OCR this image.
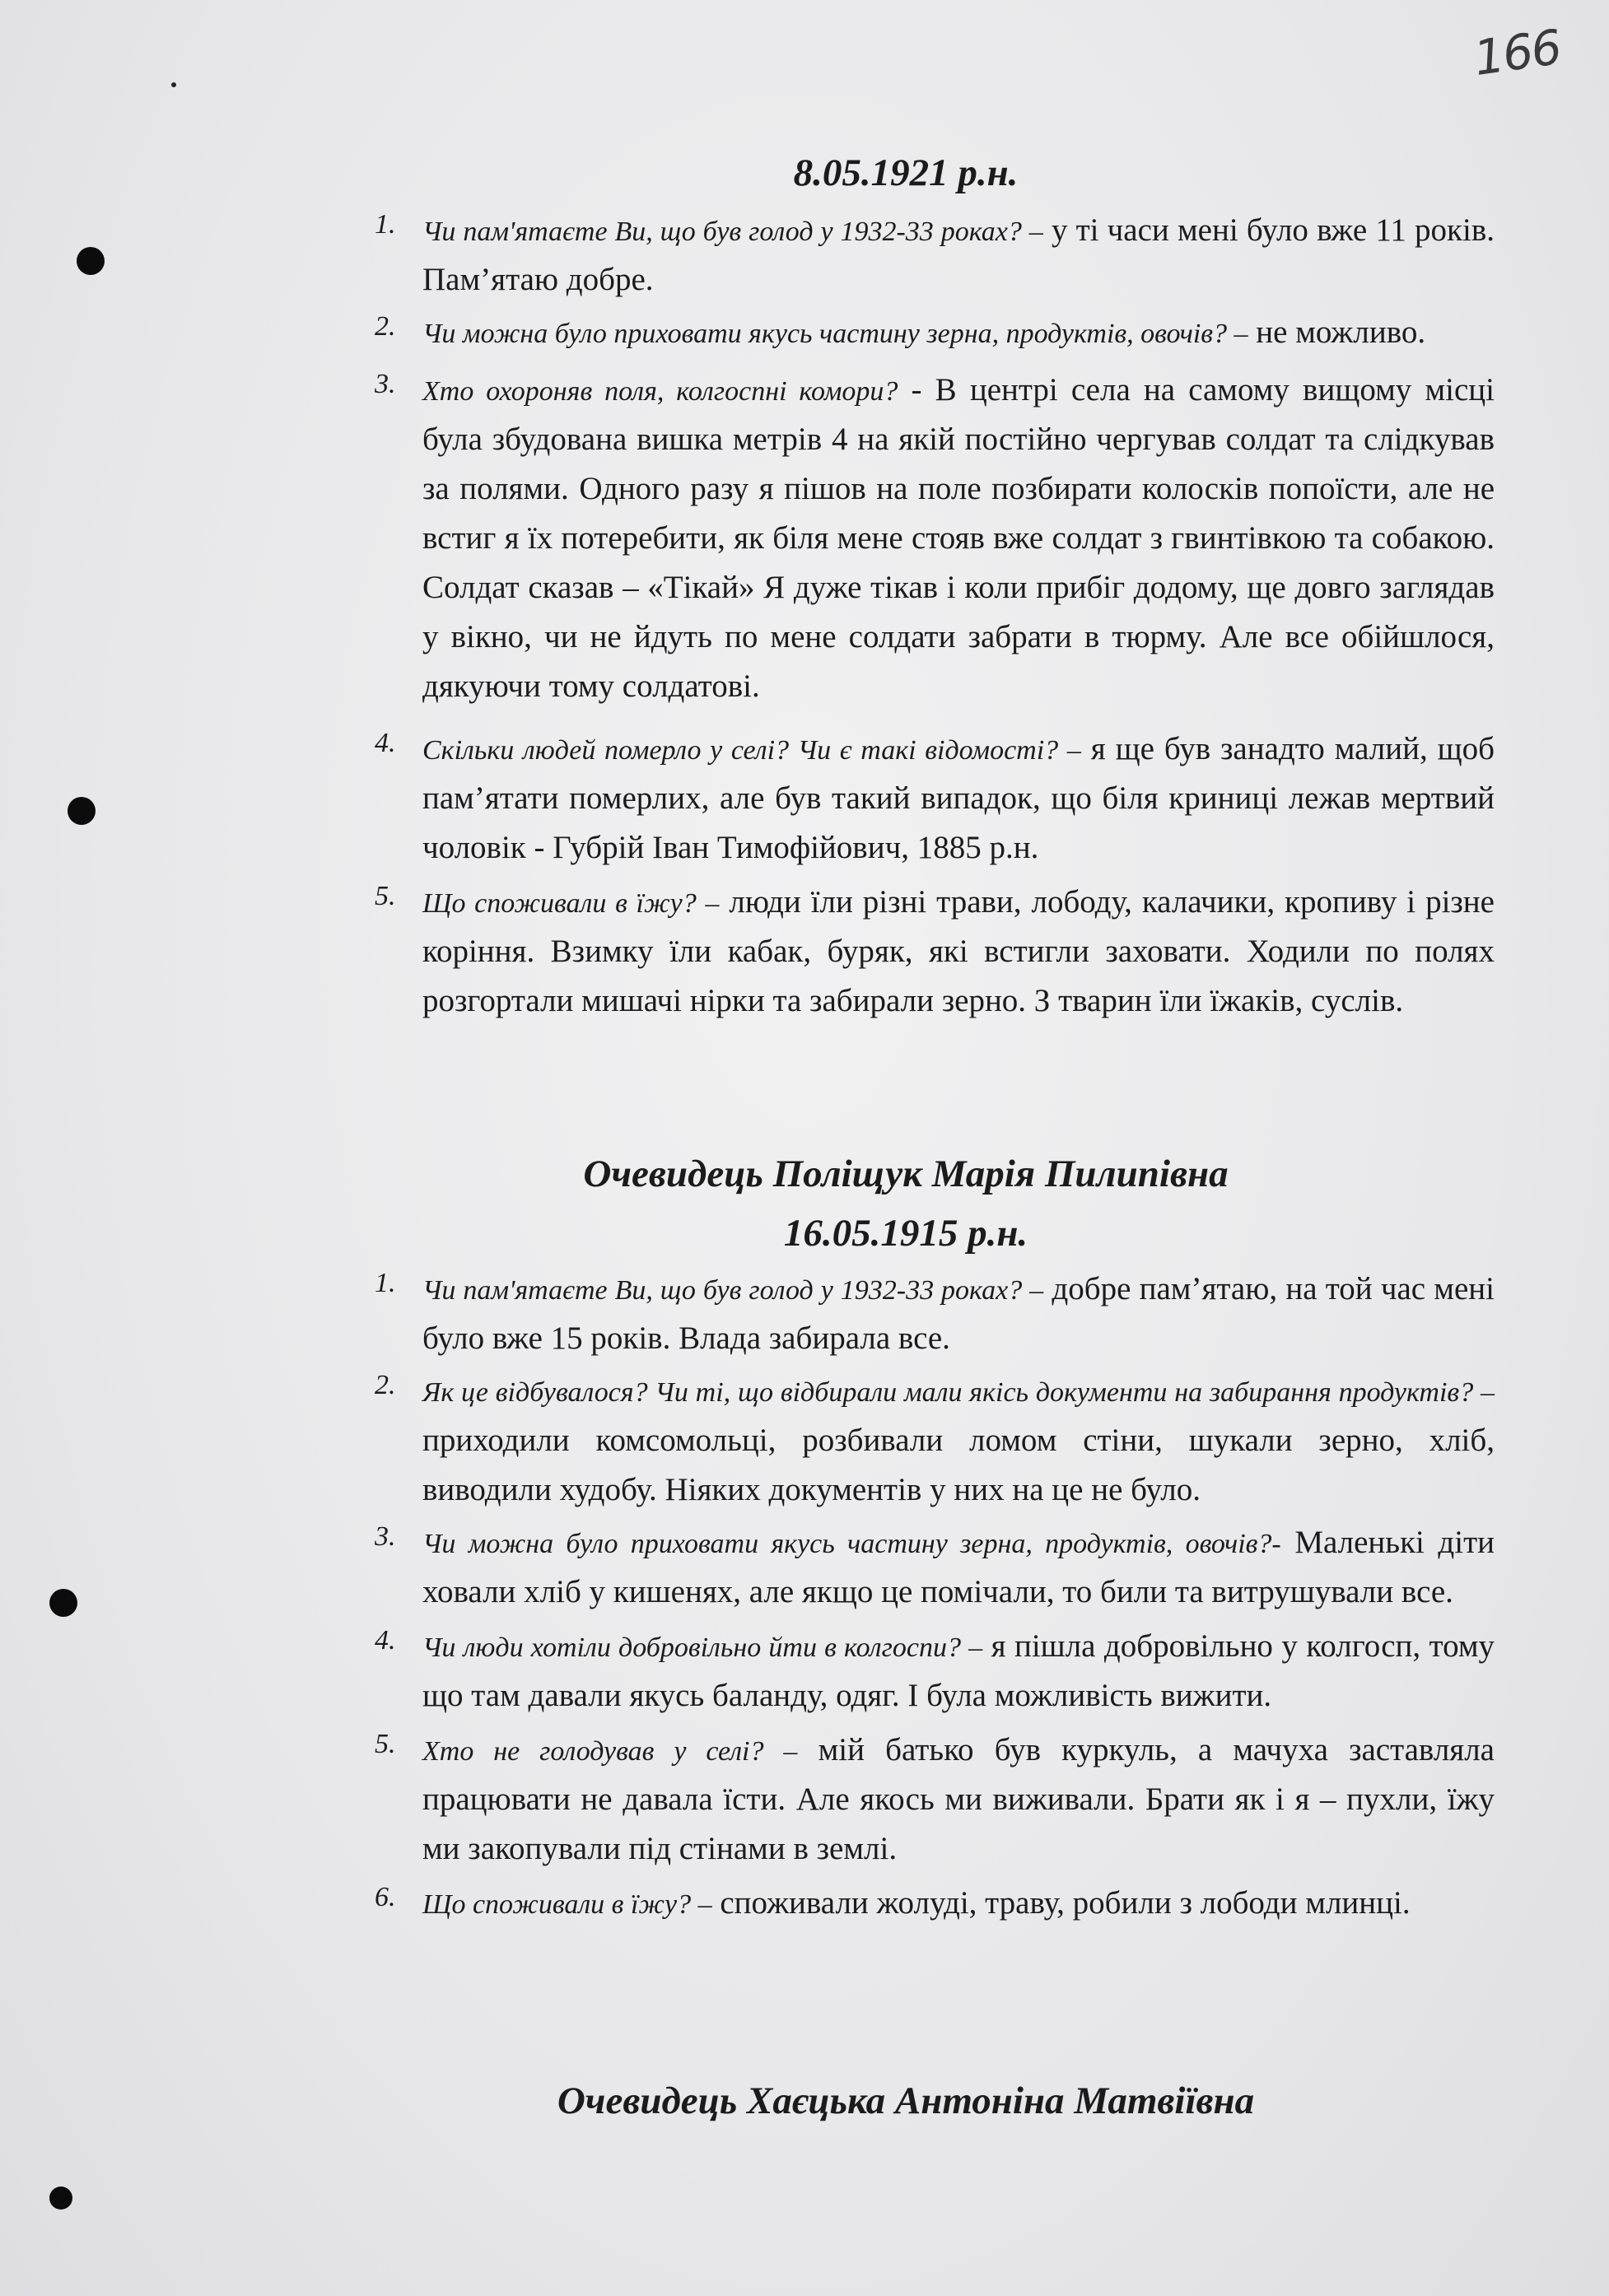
166
8.05.1921 р.н.
1. Чи пам'ятаєте Ви, що був голод у 1932-33 роках? – у ті часи мені було вже 11 років. Пам’ятаю добре.

2. Чи можна було приховати якусь частину зерна, продуктів, овочів? – не можливо.

3. Хто охороняв поля, колгоспні комори? - В центрі села на самому вищому місці була збудована вишка метрів 4 на якій постійно чергував солдат та слідкував за полями. Одного разу я пішов на поле позбирати колосків попоїсти, але не встиг я їх потеребити, як біля мене стояв вже солдат з гвинтівкою та собакою. Солдат сказав – «Тікай» Я дуже тікав і коли прибіг додому, ще довго заглядав у вікно, чи не йдуть по мене солдати забрати в тюрму. Але все обійшлося, дякуючи тому солдатові.

4. Скільки людей померло у селі? Чи є такі відомості? – я ще був занадто малий, щоб пам’ятати померлих, але був такий випадок, що біля криниці лежав мертвий чоловік - Губрій Іван Тимофійович, 1885 р.н.

5. Що споживали в їжу? – люди їли різні трави, лободу, калачики, кропиву і різне коріння. Взимку їли кабак, буряк, які встигли заховати. Ходили по полях розгортали мишачі нірки та забирали зерно. З тварин їли їжаків, суслів.

Очевидець Поліщук Марія Пилипівна
16.05.1915 р.н.
1. Чи пам'ятаєте Ви, що був голод у 1932-33 роках? – добре пам’ятаю, на той час мені було вже 15 років. Влада забирала все.

2. Як це відбувалося? Чи ті, що відбирали мали якісь документи на забирання продуктів? – приходили комсомольці, розбивали ломом стіни, шукали зерно, хліб, виводили худобу. Ніяких документів у них на це не було.

3. Чи можна було приховати якусь частину зерна, продуктів, овочів?- Маленькі діти ховали хліб у кишенях, але якщо це помічали, то били та витрушували все.

4. Чи люди хотіли добровільно йти в колгоспи? – я пішла добровільно у колгосп, тому що там давали якусь баланду, одяг. І була можливість вижити.

5. Хто не голодував у селі? – мій батько був куркуль, а мачуха заставляла працювати не давала їсти. Але якось ми виживали. Брати як і я – пухли, їжу ми закопували під стінами в землі.

6. Що споживали в їжу? – споживали жолуді, траву, робили з лободи млинці.

Очевидець Хаєцька Антоніна Матвіївна
